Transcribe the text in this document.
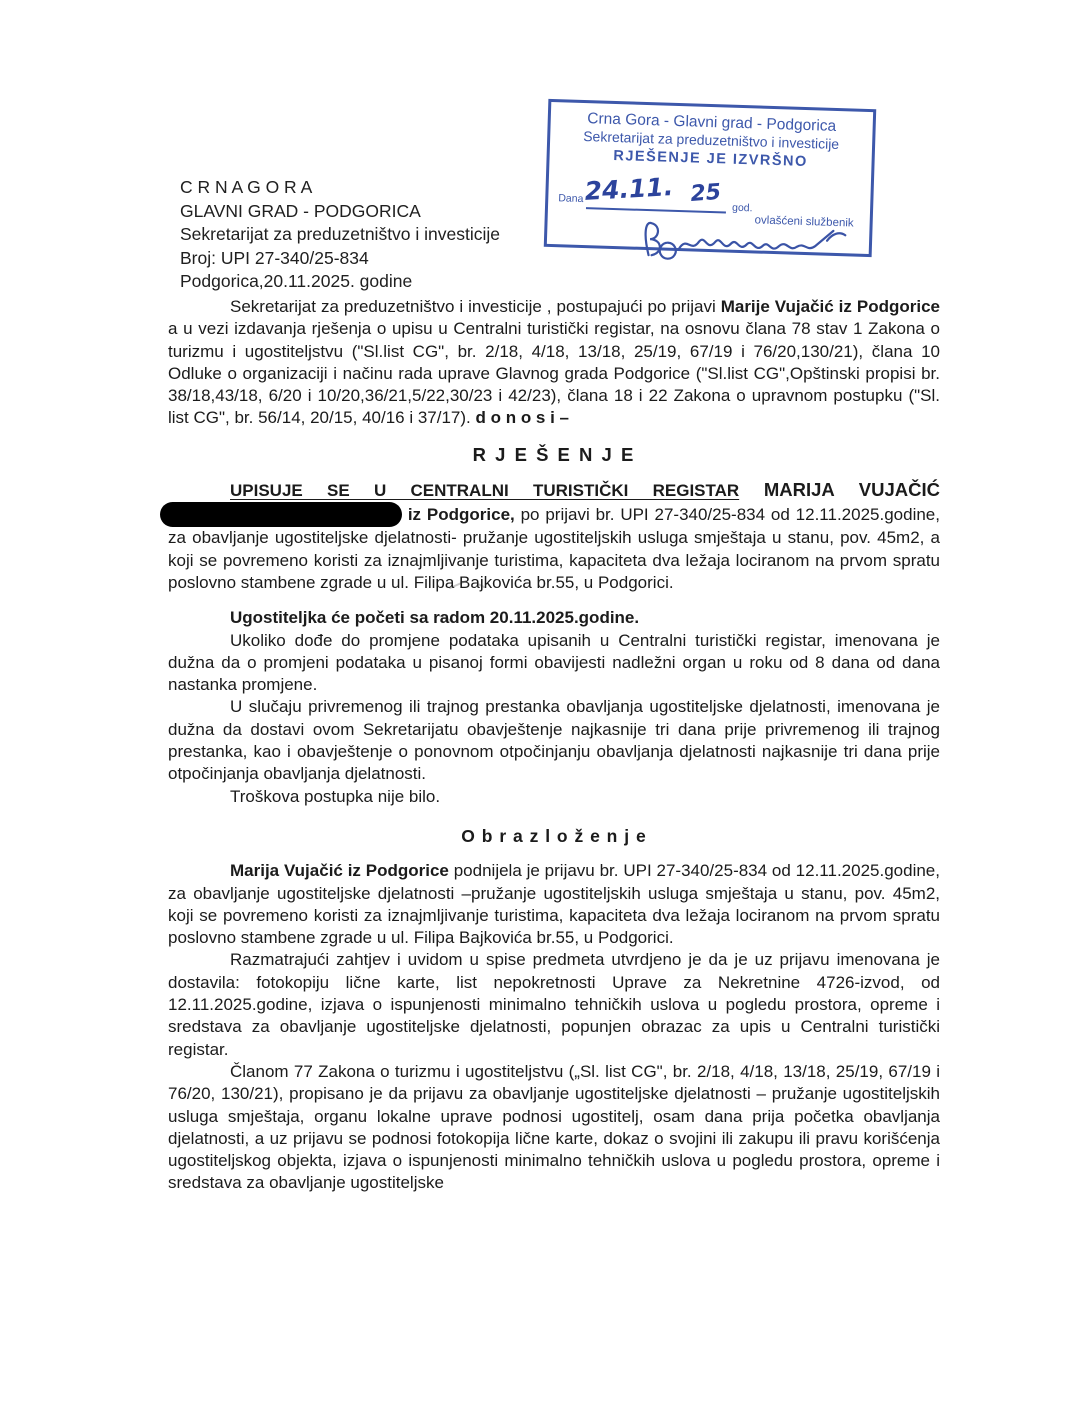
C R N A G O R A
GLAVNI GRAD - PODGORICA
Sekretarijat za preduzetništvo i investicije
Broj: UPI 27-340/25-834
Podgorica,20.11.2025. godine
Crna Gora - Glavni grad - Podgorica
Sekretarijat za preduzetništvo i investicije
RJEŠENJE JE IZVRŠNO
Dana 24.11. 25
god.
ovlašćeni službenik

Sekretarijat za preduzetništvo i investicije , postupajući po prijavi Marije Vujačić iz Podgorice a u vezi izdavanja rješenja o upisu u Centralni turistički registar, na osnovu člana 78 stav 1 Zakona o turizmu i ugostiteljstvu ("Sl.list CG", br. 2/18, 4/18, 13/18, 25/19, 67/19 i 76/20,130/21), člana 10 Odluke o organizaciji i načinu rada uprave Glavnog grada Podgorice ("Sl.list CG",Opštinski propisi br. 38/18,43/18, 6/20 i 10/20,36/21,5/22,30/23 i 42/23), člana 18 i 22 Zakona o upravnom postupku ("Sl. list CG", br. 56/14, 20/15, 40/16 i 37/17). d o n o s i –

R J E Š E N J E

UPISUJE SE U CENTRALNI TURISTIČKI REGISTAR MARIJA VUJAČIĆ  iz Podgorice, po prijavi br. UPI 27-340/25-834 od 12.11.2025.godine, za obavljanje ugostiteljske djelatnosti- pružanje ugostiteljskih usluga smještaja u stanu, pov. 45m2, a koji se povremeno koristi za iznajmljivanje turistima, kapaciteta dva ležaja lociranom na prvom spratu poslovno stambene zgrade u ul. Filipa Bajkovića br.55, u Podgorici.

Ugostiteljka će početi sa radom 20.11.2025.godine.

Ukoliko dođe do promjene podataka upisanih u Centralni turistički registar, imenovana je dužna da o promjeni podataka u pisanoj formi obavijesti nadležni organ u roku od 8 dana od dana nastanka promjene.

U slučaju privremenog ili trajnog prestanka obavljanja ugostiteljske djelatnosti, imenovana je dužna da dostavi ovom Sekretarijatu obavještenje najkasnije tri dana prije privremenog ili trajnog prestanka, kao i obavještenje o ponovnom otpočinjanju obavljanja djelatnosti najkasnije tri dana prije otpočinjanja obavljanja djelatnosti.

Troškova postupka nije bilo.

O b r a z l o ž e n j e

Marija Vujačić iz Podgorice podnijela je prijavu br. UPI 27-340/25-834 od 12.11.2025.godine, za obavljanje ugostiteljske djelatnosti –pružanje ugostiteljskih usluga smještaja u stanu, pov. 45m2, koji se povremeno koristi za iznajmljivanje turistima, kapaciteta dva ležaja lociranom na prvom spratu poslovno stambene zgrade u ul. Filipa Bajkovića br.55, u Podgorici.

Razmatrajući zahtjev i uvidom u spise predmeta utvrdjeno je da je uz prijavu imenovana je dostavila: fotokopiju lične karte, list nepokretnosti Uprave za Nekretnine 4726-izvod, od 12.11.2025.godine, izjava o ispunjenosti minimalno tehničkih uslova u pogledu prostora, opreme i sredstava za obavljanje ugostiteljske djelatnosti, popunjen obrazac za upis u Centralni turistički registar.

Članom 77 Zakona o turizmu i ugostiteljstvu („Sl. list CG", br. 2/18, 4/18, 13/18, 25/19, 67/19 i 76/20, 130/21), propisano je da prijavu za obavljanje ugostiteljske djelatnosti – pružanje ugostiteljskih usluga smještaja, organu lokalne uprave podnosi ugostitelj, osam dana prija početka obavljanja djelatnosti, a uz prijavu se podnosi fotokopija lične karte, dokaz o svojini ili zakupu ili pravu korišćenja ugostiteljskog objekta, izjava o ispunjenosti minimalno tehničkih uslova u pogledu prostora, opreme i sredstava za obavljanje ugostiteljske
